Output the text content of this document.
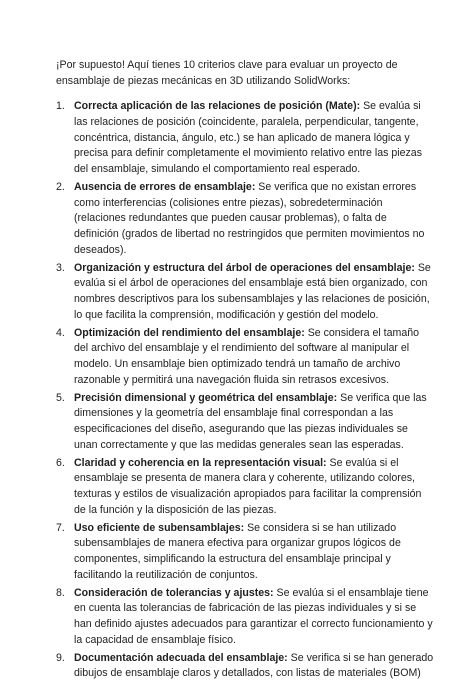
¡Por supuesto! Aquí tienes 10 criterios clave para evaluar un proyecto de ensamblaje de piezas mecánicas en 3D utilizando SolidWorks:

1. Correcta aplicación de las relaciones de posición (Mate): Se evalúa si las relaciones de posición (coincidente, paralela, perpendicular, tangente, concéntrica, distancia, ángulo, etc.) se han aplicado de manera lógica y precisa para definir completamente el movimiento relativo entre las piezas del ensamblaje, simulando el comportamiento real esperado.
2. Ausencia de errores de ensamblaje: Se verifica que no existan errores como interferencias (colisiones entre piezas), sobredeterminación (relaciones redundantes que pueden causar problemas), o falta de definición (grados de libertad no restringidos que permiten movimientos no deseados).
3. Organización y estructura del árbol de operaciones del ensamblaje: Se evalúa si el árbol de operaciones del ensamblaje está bien organizado, con nombres descriptivos para los subensamblajes y las relaciones de posición, lo que facilita la comprensión, modificación y gestión del modelo.
4. Optimización del rendimiento del ensamblaje: Se considera el tamaño del archivo del ensamblaje y el rendimiento del software al manipular el modelo. Un ensamblaje bien optimizado tendrá un tamaño de archivo razonable y permitirá una navegación fluida sin retrasos excesivos.
5. Precisión dimensional y geométrica del ensamblaje: Se verifica que las dimensiones y la geometría del ensamblaje final correspondan a las especificaciones del diseño, asegurando que las piezas individuales se unan correctamente y que las medidas generales sean las esperadas.
6. Claridad y coherencia en la representación visual: Se evalúa si el ensamblaje se presenta de manera clara y coherente, utilizando colores, texturas y estilos de visualización apropiados para facilitar la comprensión de la función y la disposición de las piezas.
7. Uso eficiente de subensamblajes: Se considera si se han utilizado subensamblajes de manera efectiva para organizar grupos lógicos de componentes, simplificando la estructura del ensamblaje principal y facilitando la reutilización de conjuntos.
8. Consideración de tolerancias y ajustes: Se evalúa si el ensamblaje tiene en cuenta las tolerancias de fabricación de las piezas individuales y si se han definido ajustes adecuados para garantizar el correcto funcionamiento y la capacidad de ensamblaje físico.
9. Documentación adecuada del ensamblaje: Se verifica si se han generado dibujos de ensamblaje claros y detallados, con listas de materiales (BOM)
